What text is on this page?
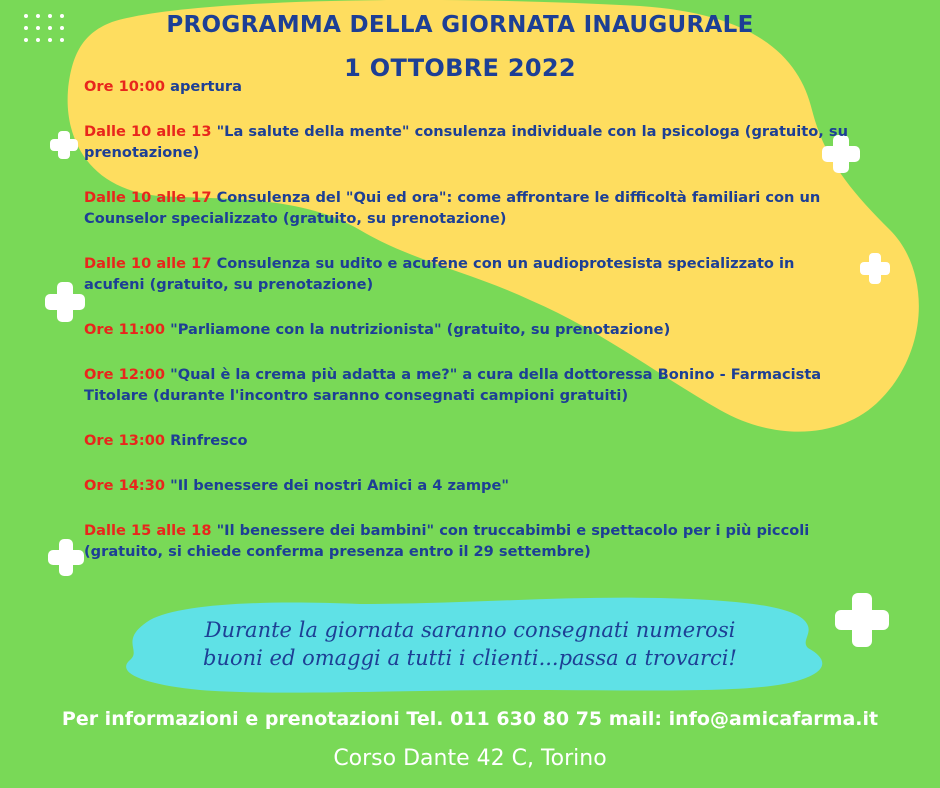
PROGRAMMA DELLA GIORNATA INAUGURALE
1 OTTOBRE 2022
Ore 10:00 apertura
Dalle 10 alle 13 "La salute della mente" consulenza individuale con la psicologa (gratuito, su prenotazione)
Dalle 10 alle 17 Consulenza del "Qui ed ora": come affrontare le difficoltà familiari con un Counselor specializzato (gratuito, su prenotazione)
Dalle 10 alle 17 Consulenza su udito e acufene con un audioprotesista specializzato in acufeni (gratuito, su prenotazione)
Ore 11:00 "Parliamone con la nutrizionista" (gratuito, su prenotazione)
Ore 12:00 "Qual è la crema più adatta a me?" a cura della dottoressa Bonino - Farmacista Titolare (durante l'incontro saranno consegnati campioni gratuiti)
Ore 13:00 Rinfresco
Ore 14:30 "Il benessere dei nostri Amici a 4 zampe"
Dalle 15 alle 18 "Il benessere dei bambini" con truccabimbi e spettacolo per i più piccoli (gratuito, si chiede conferma presenza entro il 29 settembre)
Durante la giornata saranno consegnati numerosi
buoni ed omaggi a tutti i clienti...passa a trovarci!
Per informazioni e prenotazioni Tel. 011 630 80 75 mail: info@amicafarma.it
Corso Dante 42 C, Torino
